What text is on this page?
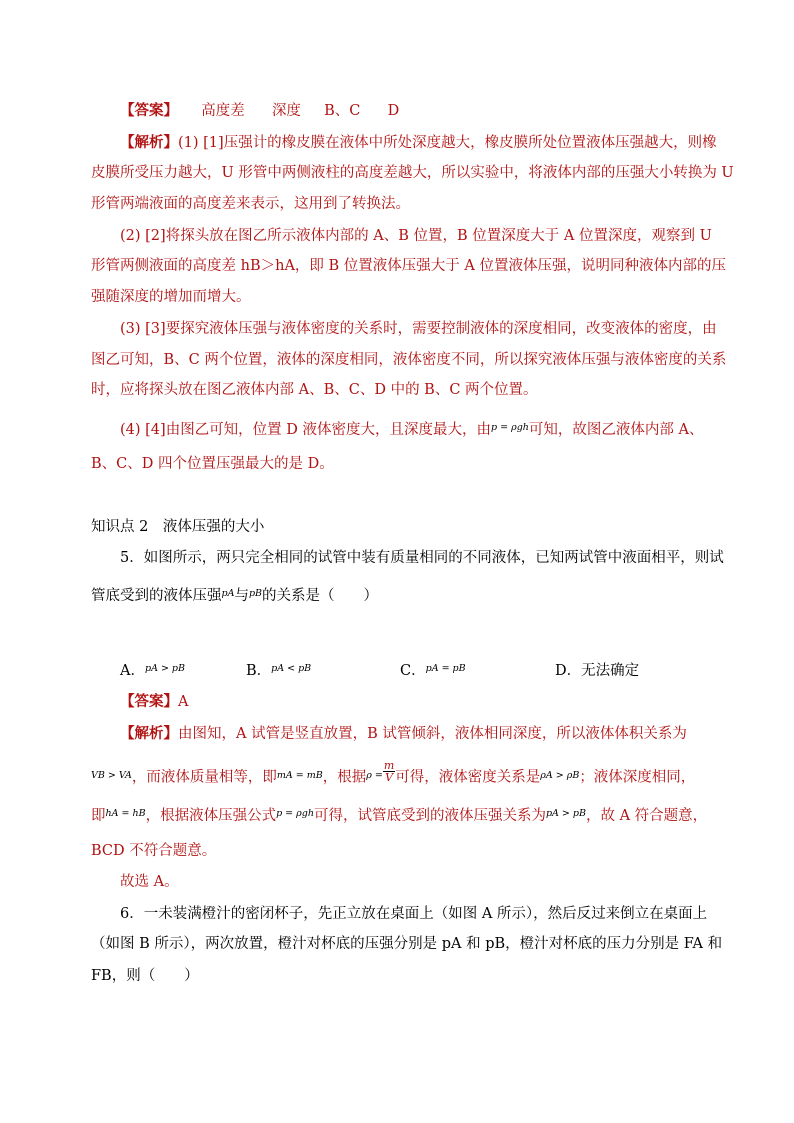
【答案】 高度差 深度 B、C D
【解析】(1) [1]压强计的橡皮膜在液体中所处深度越大，橡皮膜所处位置液体压强越大，则橡
皮膜所受压力越大，U 形管中两侧液柱的高度差越大，所以实验中，将液体内部的压强大小转换为 U
形管两端液面的高度差来表示，这用到了转换法。
(2) [2]将探头放在图乙所示液体内部的 A、B 位置，B 位置深度大于 A 位置深度，观察到 U
形管两侧液面的高度差 hB＞hA，即 B 位置液体压强大于 A 位置液体压强，说明同种液体内部的压
强随深度的增加而增大。
(3) [3]要探究液体压强与液体密度的关系时，需要控制液体的深度相同，改变液体的密度，由
图乙可知，B、C 两个位置，液体的深度相同，液体密度不同，所以探究液体压强与液体密度的关系
时，应将探头放在图乙液体内部 A、B、C、D 中的 B、C 两个位置。
(4) [4]由图乙可知，位置 D 液体密度大，且深度最大，由$^{p = \rho gh}$可知，故图乙液体内部 A、
B、C、D 四个位置压强最大的是 D。
知识点 2　液体压强的大小
5．如图所示，两只完全相同的试管中装有质量相同的不同液体，已知两试管中液面相平，则试
管底受到的液体压强$^{pA}$与$^{pB}$的关系是（　　）
A．$^{pA > pB}$	B．$^{pA < pB}$	C．$^{pA = pB}$	D．无法确定
【答案】A
【解析】由图知，A 试管是竖直放置，B 试管倾斜，液体相同深度，所以液体体积关系为
$^{VB > VA}$，而液体质量相等，即$^{mA = mB}$，根据$^{\rho =} \frac{m}{V}$ 可得，液体密度关系是$^{\rho A > \rho B}$；液体深度相同，
即$^{hA = hB}$，根据液体压强公式$^{p = \rho gh}$可得，试管底受到的液体压强关系为$^{pA > pB}$，故 A 符合题意，
BCD 不符合题意。
故选 A。
6．一未装满橙汁的密闭杯子，先正立放在桌面上（如图 A 所示），然后反过来倒立在桌面上
（如图 B 所示），两次放置，橙汁对杯底的压强分别是 pA 和 pB，橙汁对杯底的压力分别是 FA 和
FB，则（　　）
